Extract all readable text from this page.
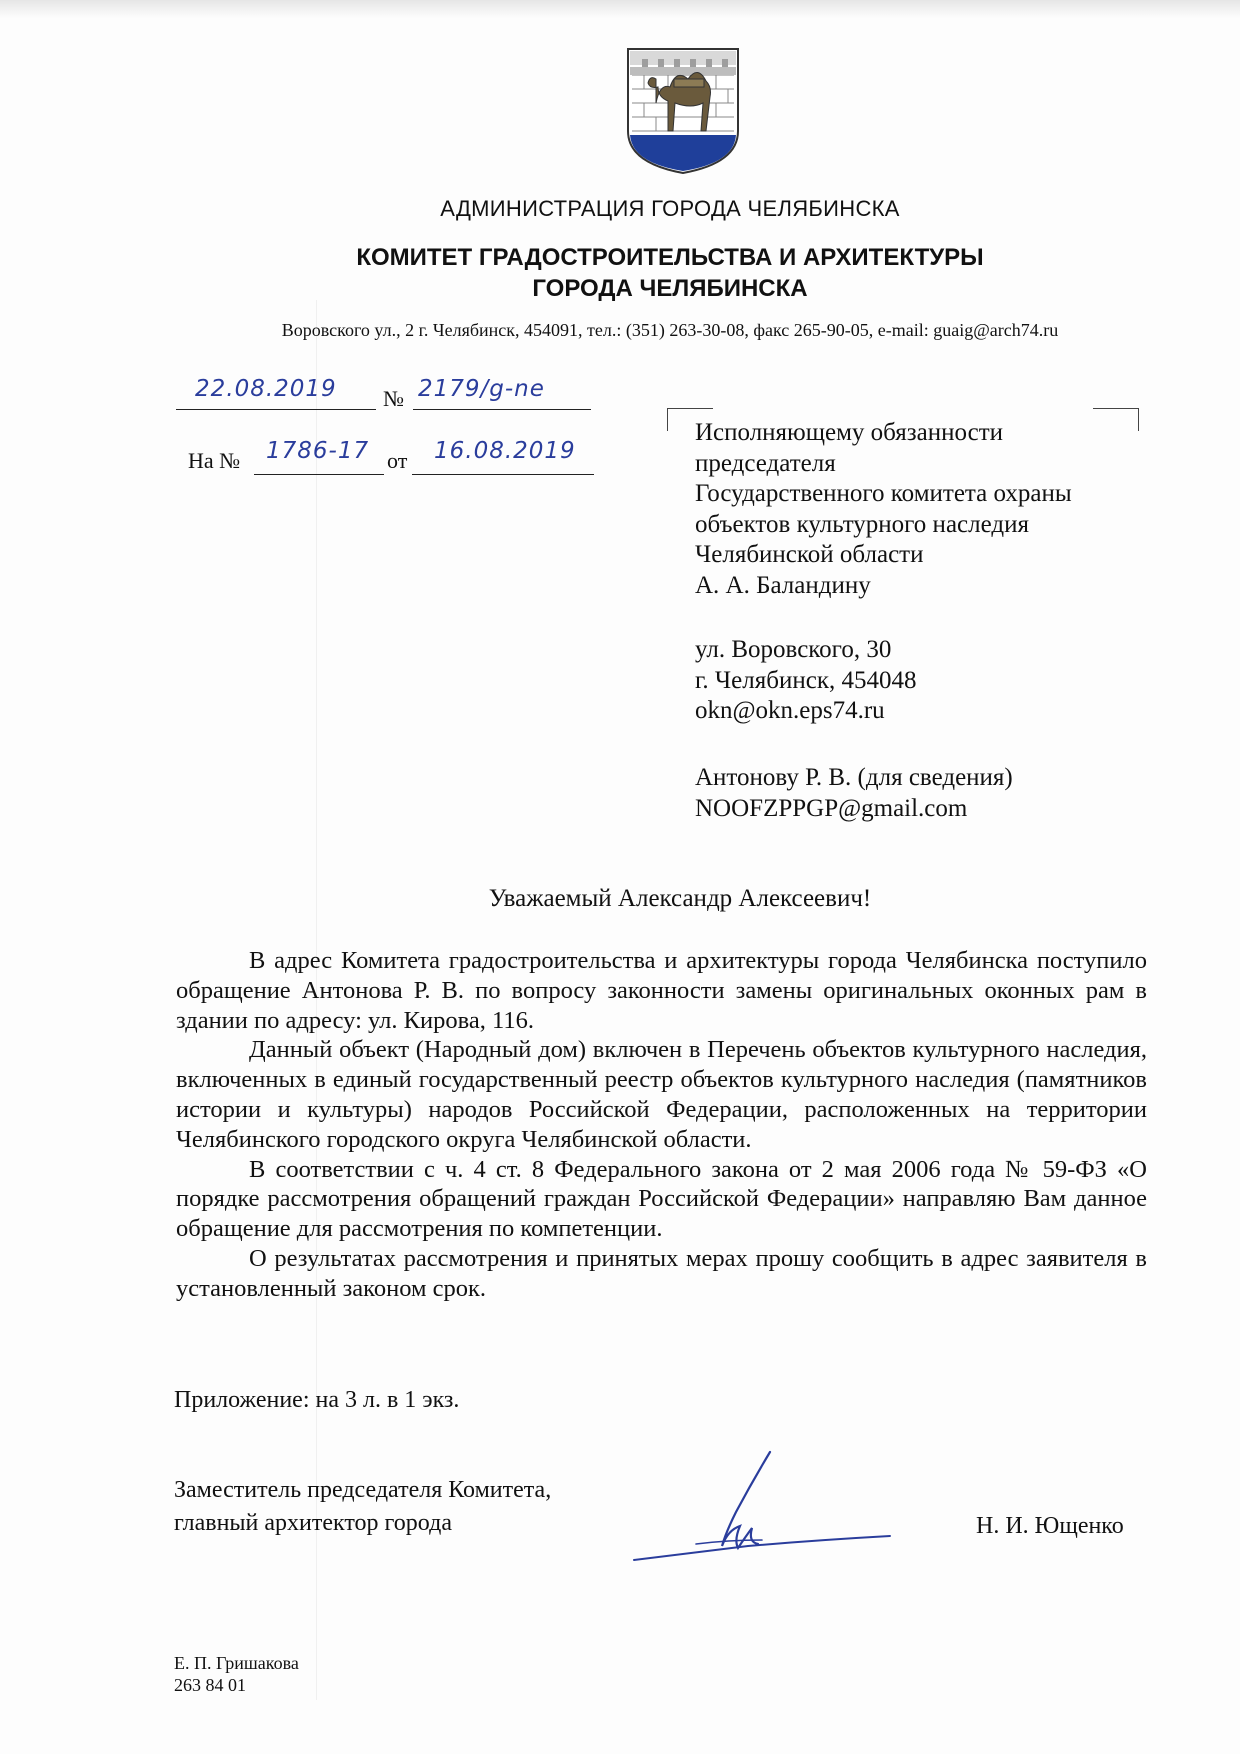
АДМИНИСТРАЦИЯ ГОРОДА ЧЕЛЯБИНСКА
КОМИТЕТ ГРАДОСТРОИТЕЛЬСТВА И АРХИТЕКТУРЫ
ГОРОДА ЧЕЛЯБИНСКА
Воровского ул., 2 г. Челябинск, 454091, тел.: (351) 263-30-08, факс 265-90-05, e-mail: guaig@arch74.ru
22.08.2019 № 2179/g-ne
На № 1786-17 от 16.08.2019
Исполняющему обязанности
председателя
Государственного комитета охраны
объектов культурного наследия
Челябинской области
А. А. Баландину
ул. Воровского, 30
г. Челябинск, 454048
okn@okn.eps74.ru
Антонову Р. В. (для сведения)
NOOFZPPGP@gmail.com
Уважаемый Александр Алексеевич!

В адрес Комитета градостроительства и архитектуры города Челябинска поступило обращение Антонова Р. В. по вопросу законности замены оригинальных оконных рам в здании по адресу: ул. Кирова, 116.

Данный объект (Народный дом) включен в Перечень объектов культурного наследия, включенных в единый государственный реестр объектов культурного наследия (памятников истории и культуры) народов Российской Федерации, расположенных на территории Челябинского городского округа Челябинской области.

В соответствии с ч. 4 ст. 8 Федерального закона от 2 мая 2006 года № 59-ФЗ «О порядке рассмотрения обращений граждан Российской Федерации» направляю Вам данное обращение для рассмотрения по компетенции.

О результатах рассмотрения и принятых мерах прошу сообщить в адрес заявителя в установленный законом срок.

Приложение: на 3 л. в 1 экз.
Заместитель председателя Комитета,
главный архитектор города	Н. И. Ющенко
Е. П. Гришакова
263 84 01
